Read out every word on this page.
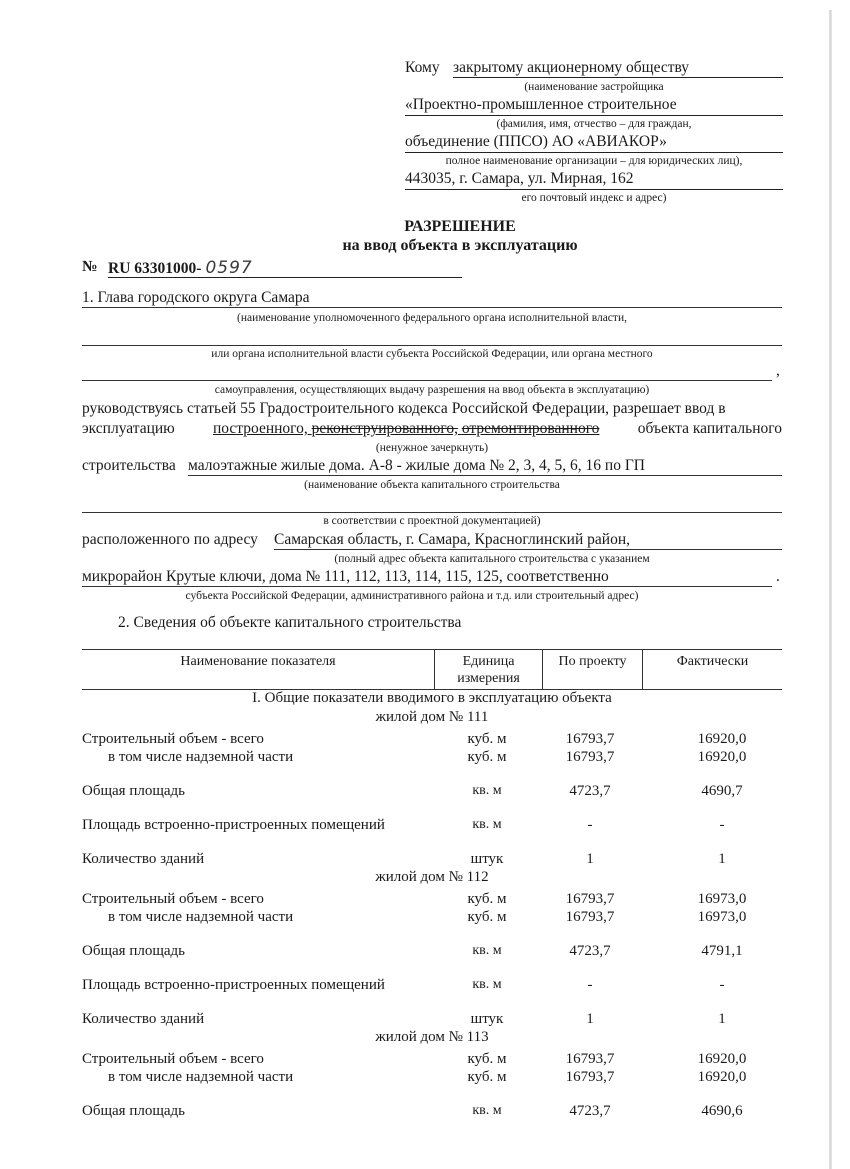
Кому закрытому акционерному обществу
(наименование застройщика
«Проектно-промышленное строительное
(фамилия, имя, отчество – для граждан,
объединение (ППСО) АО «АВИАКОР»
полное наименование организации – для юридических лиц),
443035, г. Самара, ул. Мирная, 162
его почтовый индекс и адрес)
РАЗРЕШЕНИЕ
на ввод объекта в эксплуатацию
№ RU 63301000- 0597
1. Глава городского округа Самара
(наименование уполномоченного федерального органа исполнительной власти,
или органа исполнительной власти субъекта Российской Федерации, или органа местного
,
самоуправления, осуществляющих выдачу разрешения на ввод объекта в эксплуатацию)
руководствуясь статьей 55 Градостроительного кодекса Российской Федерации, разрешает ввод в
эксплуатацию построенного, реконструированного, отремонтированного объекта капитального
(ненужное зачеркнуть)
строительства малоэтажные жилые дома. А-8 - жилые дома № 2, 3, 4, 5, 6, 16 по ГП
(наименование объекта капитального строительства
в соответствии с проектной документацией)
расположенного по адресу Самарская область, г. Самара, Красноглинский район,
(полный адрес объекта капитального строительства с указанием
микрорайон Крутые ключи, дома № 111, 112, 113, 114, 115, 125, соответственно	.
субъекта Российской Федерации, административного района и т.д. или строительный адрес)
2. Сведения об объекте капитального строительства
Наименование показателя	Единица
измерения
По проекту	Фактически
I. Общие показатели вводимого в эксплуатацию объекта
жилой дом № 111
Строительный объем - всего	куб. м	16793,7	16920,0
в том числе надземной части	куб. м	16793,7	16920,0
Общая площадь	кв. м	4723,7	4690,7
Площадь встроенно-пристроенных помещений	кв. м	-	-
Количество зданий	штук	1	1
жилой дом № 112
Строительный объем - всего	куб. м	16793,7	16973,0
в том числе надземной части	куб. м	16793,7	16973,0
Общая площадь	кв. м	4723,7	4791,1
Площадь встроенно-пристроенных помещений	кв. м	-	-
Количество зданий	штук	1	1
жилой дом № 113
Строительный объем - всего	куб. м	16793,7	16920,0
в том числе надземной части	куб. м	16793,7	16920,0
Общая площадь	кв. м	4723,7	4690,6
